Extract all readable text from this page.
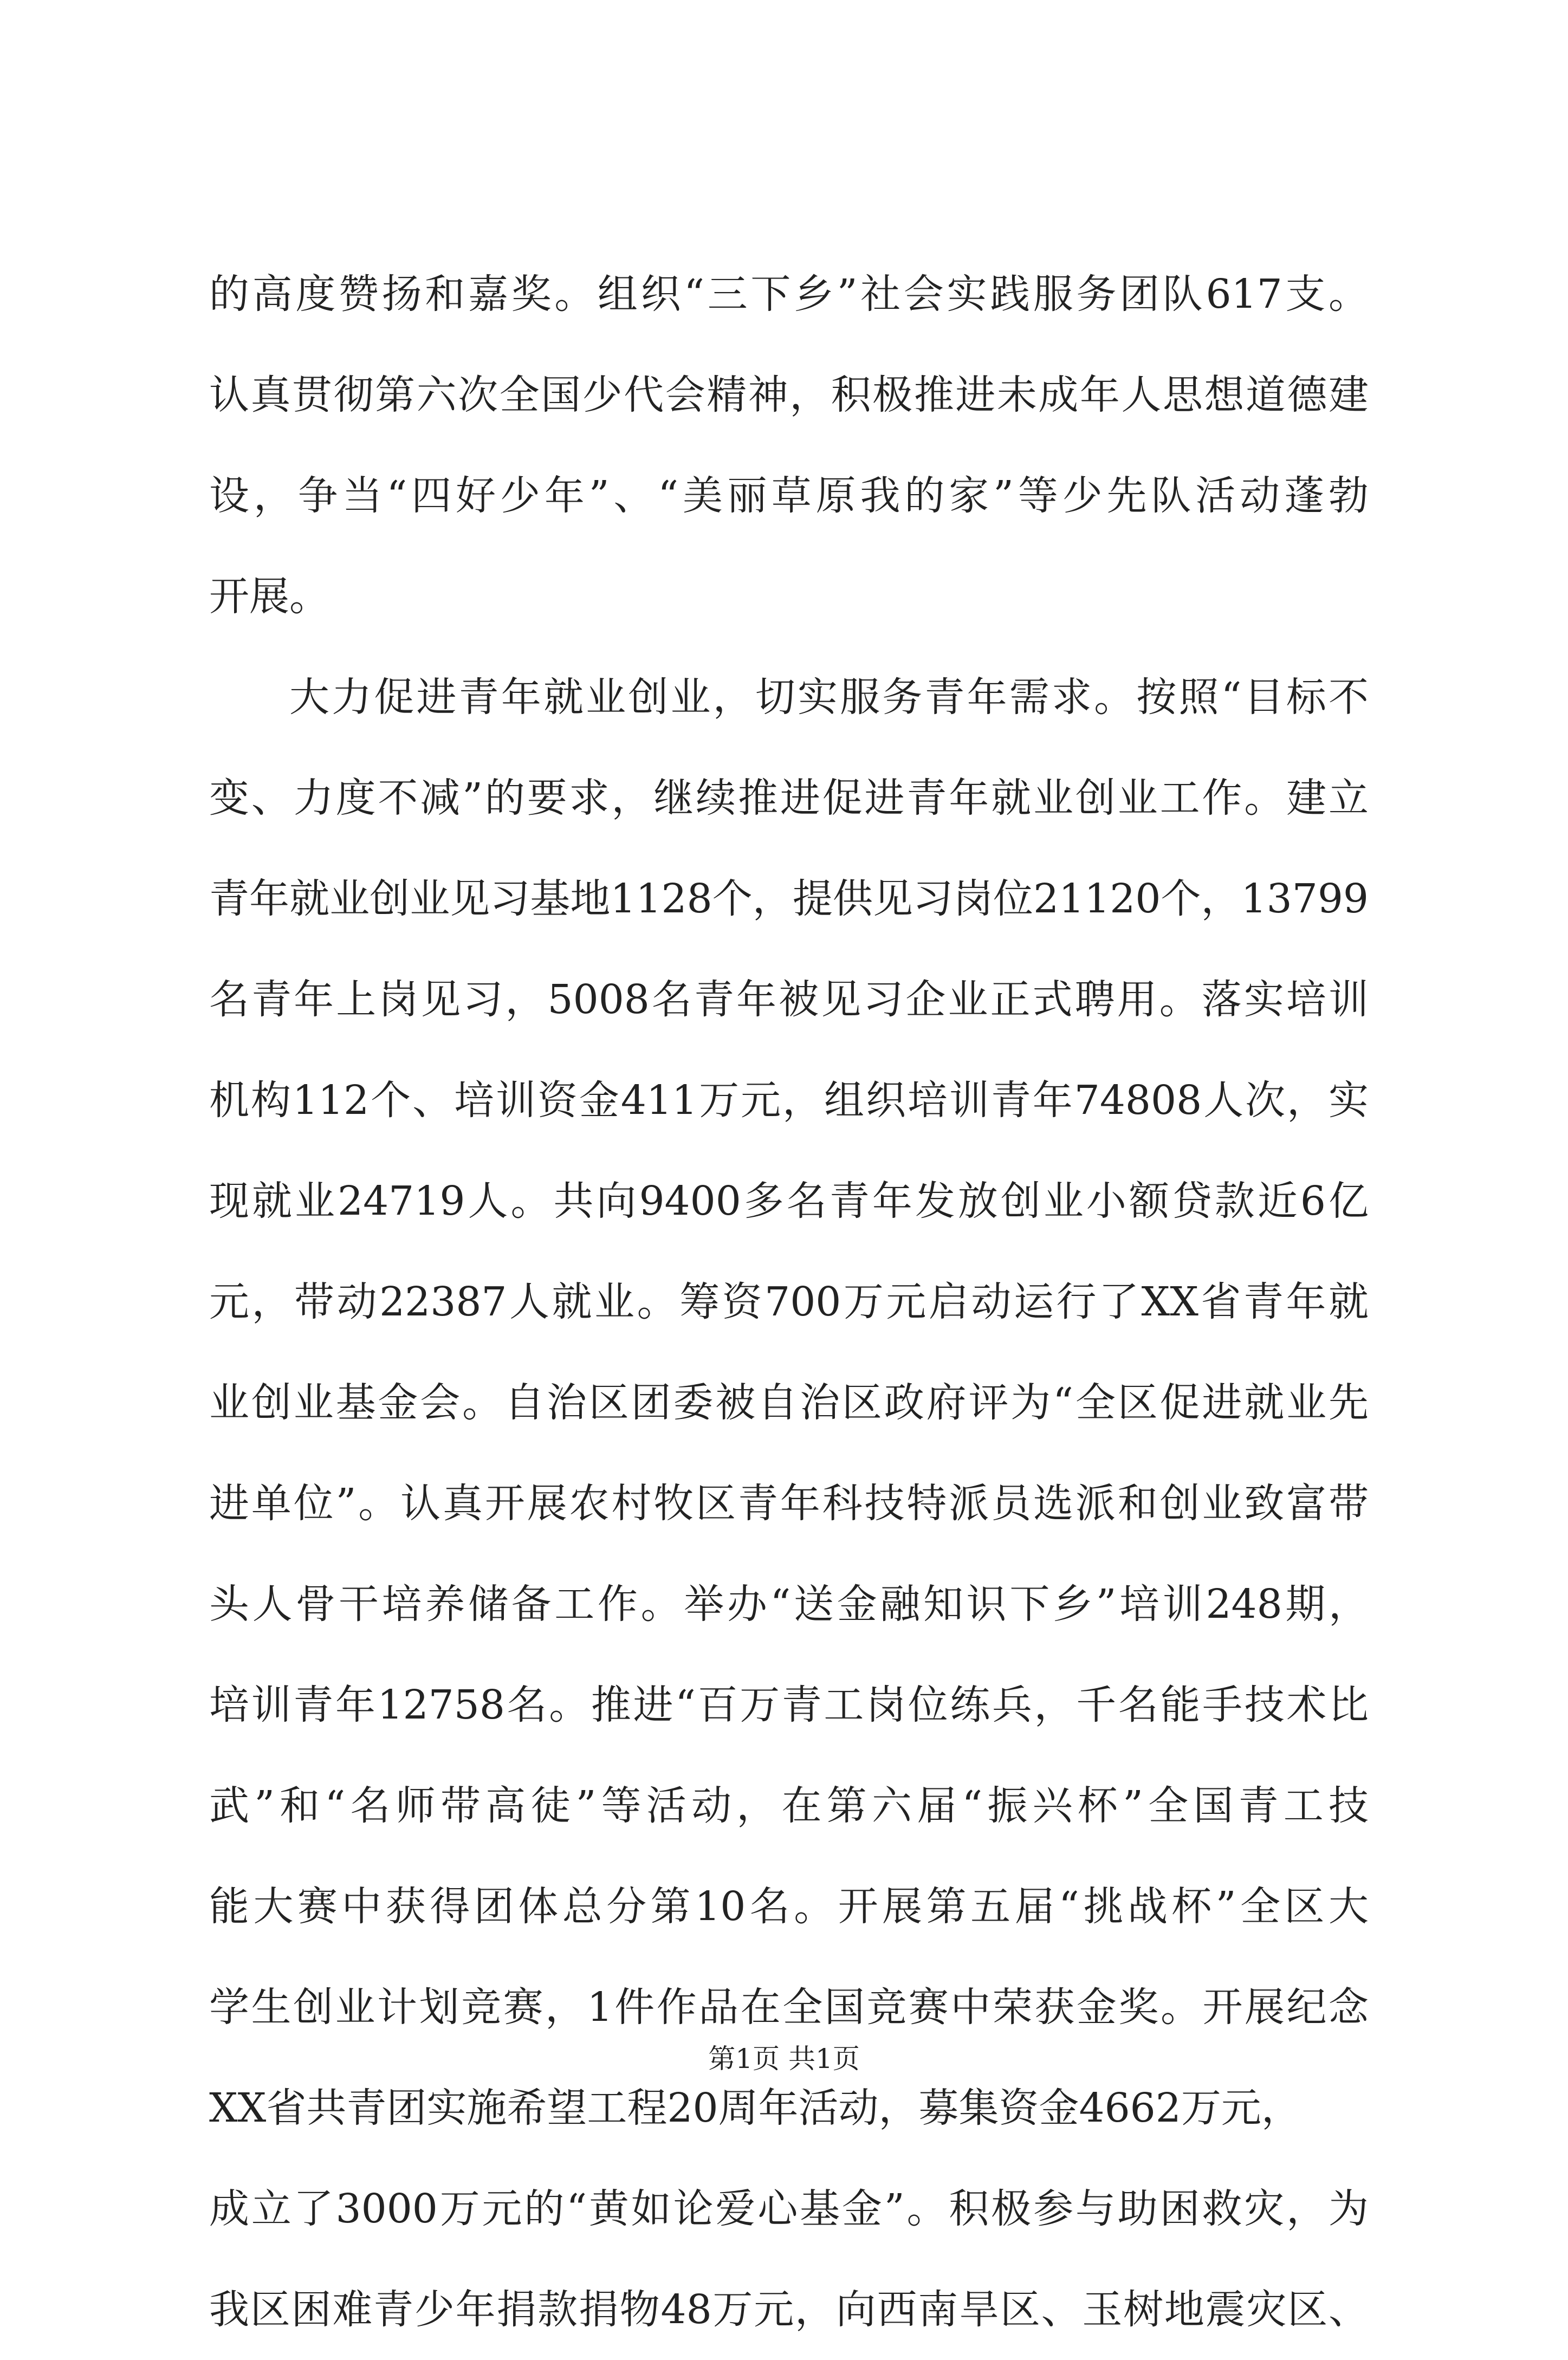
的高度赞扬和嘉奖。组织“三下乡”社会实践服务团队617支。
认真贯彻第六次全国少代会精神，积极推进未成年人思想道德建
设，争当“四好少年”、“美丽草原我的家”等少先队活动蓬勃
开展。
大力促进青年就业创业，切实服务青年需求。按照“目标不
变、力度不减”的要求，继续推进促进青年就业创业工作。建立
青年就业创业见习基地1128个，提供见习岗位21120个，13799
名青年上岗见习，5008名青年被见习企业正式聘用。落实培训
机构112个、培训资金411万元，组织培训青年74808人次，实
现就业24719人。共向9400多名青年发放创业小额贷款近6亿
元，带动22387人就业。筹资700万元启动运行了XX省青年就
业创业基金会。自治区团委被自治区政府评为“全区促进就业先
进单位”。认真开展农村牧区青年科技特派员选派和创业致富带
头人骨干培养储备工作。举办“送金融知识下乡”培训248期，
培训青年12758名。推进“百万青工岗位练兵，千名能手技术比
武”和“名师带高徒”等活动，在第六届“振兴杯”全国青工技
能大赛中获得团体总分第10名。开展第五届“挑战杯”全区大
学生创业计划竞赛，1件作品在全国竞赛中荣获金奖。开展纪念
XX省共青团实施希望工程20周年活动，募集资金4662万元，
成立了3000万元的“黄如论爱心基金”。积极参与助困救灾，为
我区困难青少年捐款捐物48万元，向西南旱区、玉树地震灾区、
第1页 共1页
